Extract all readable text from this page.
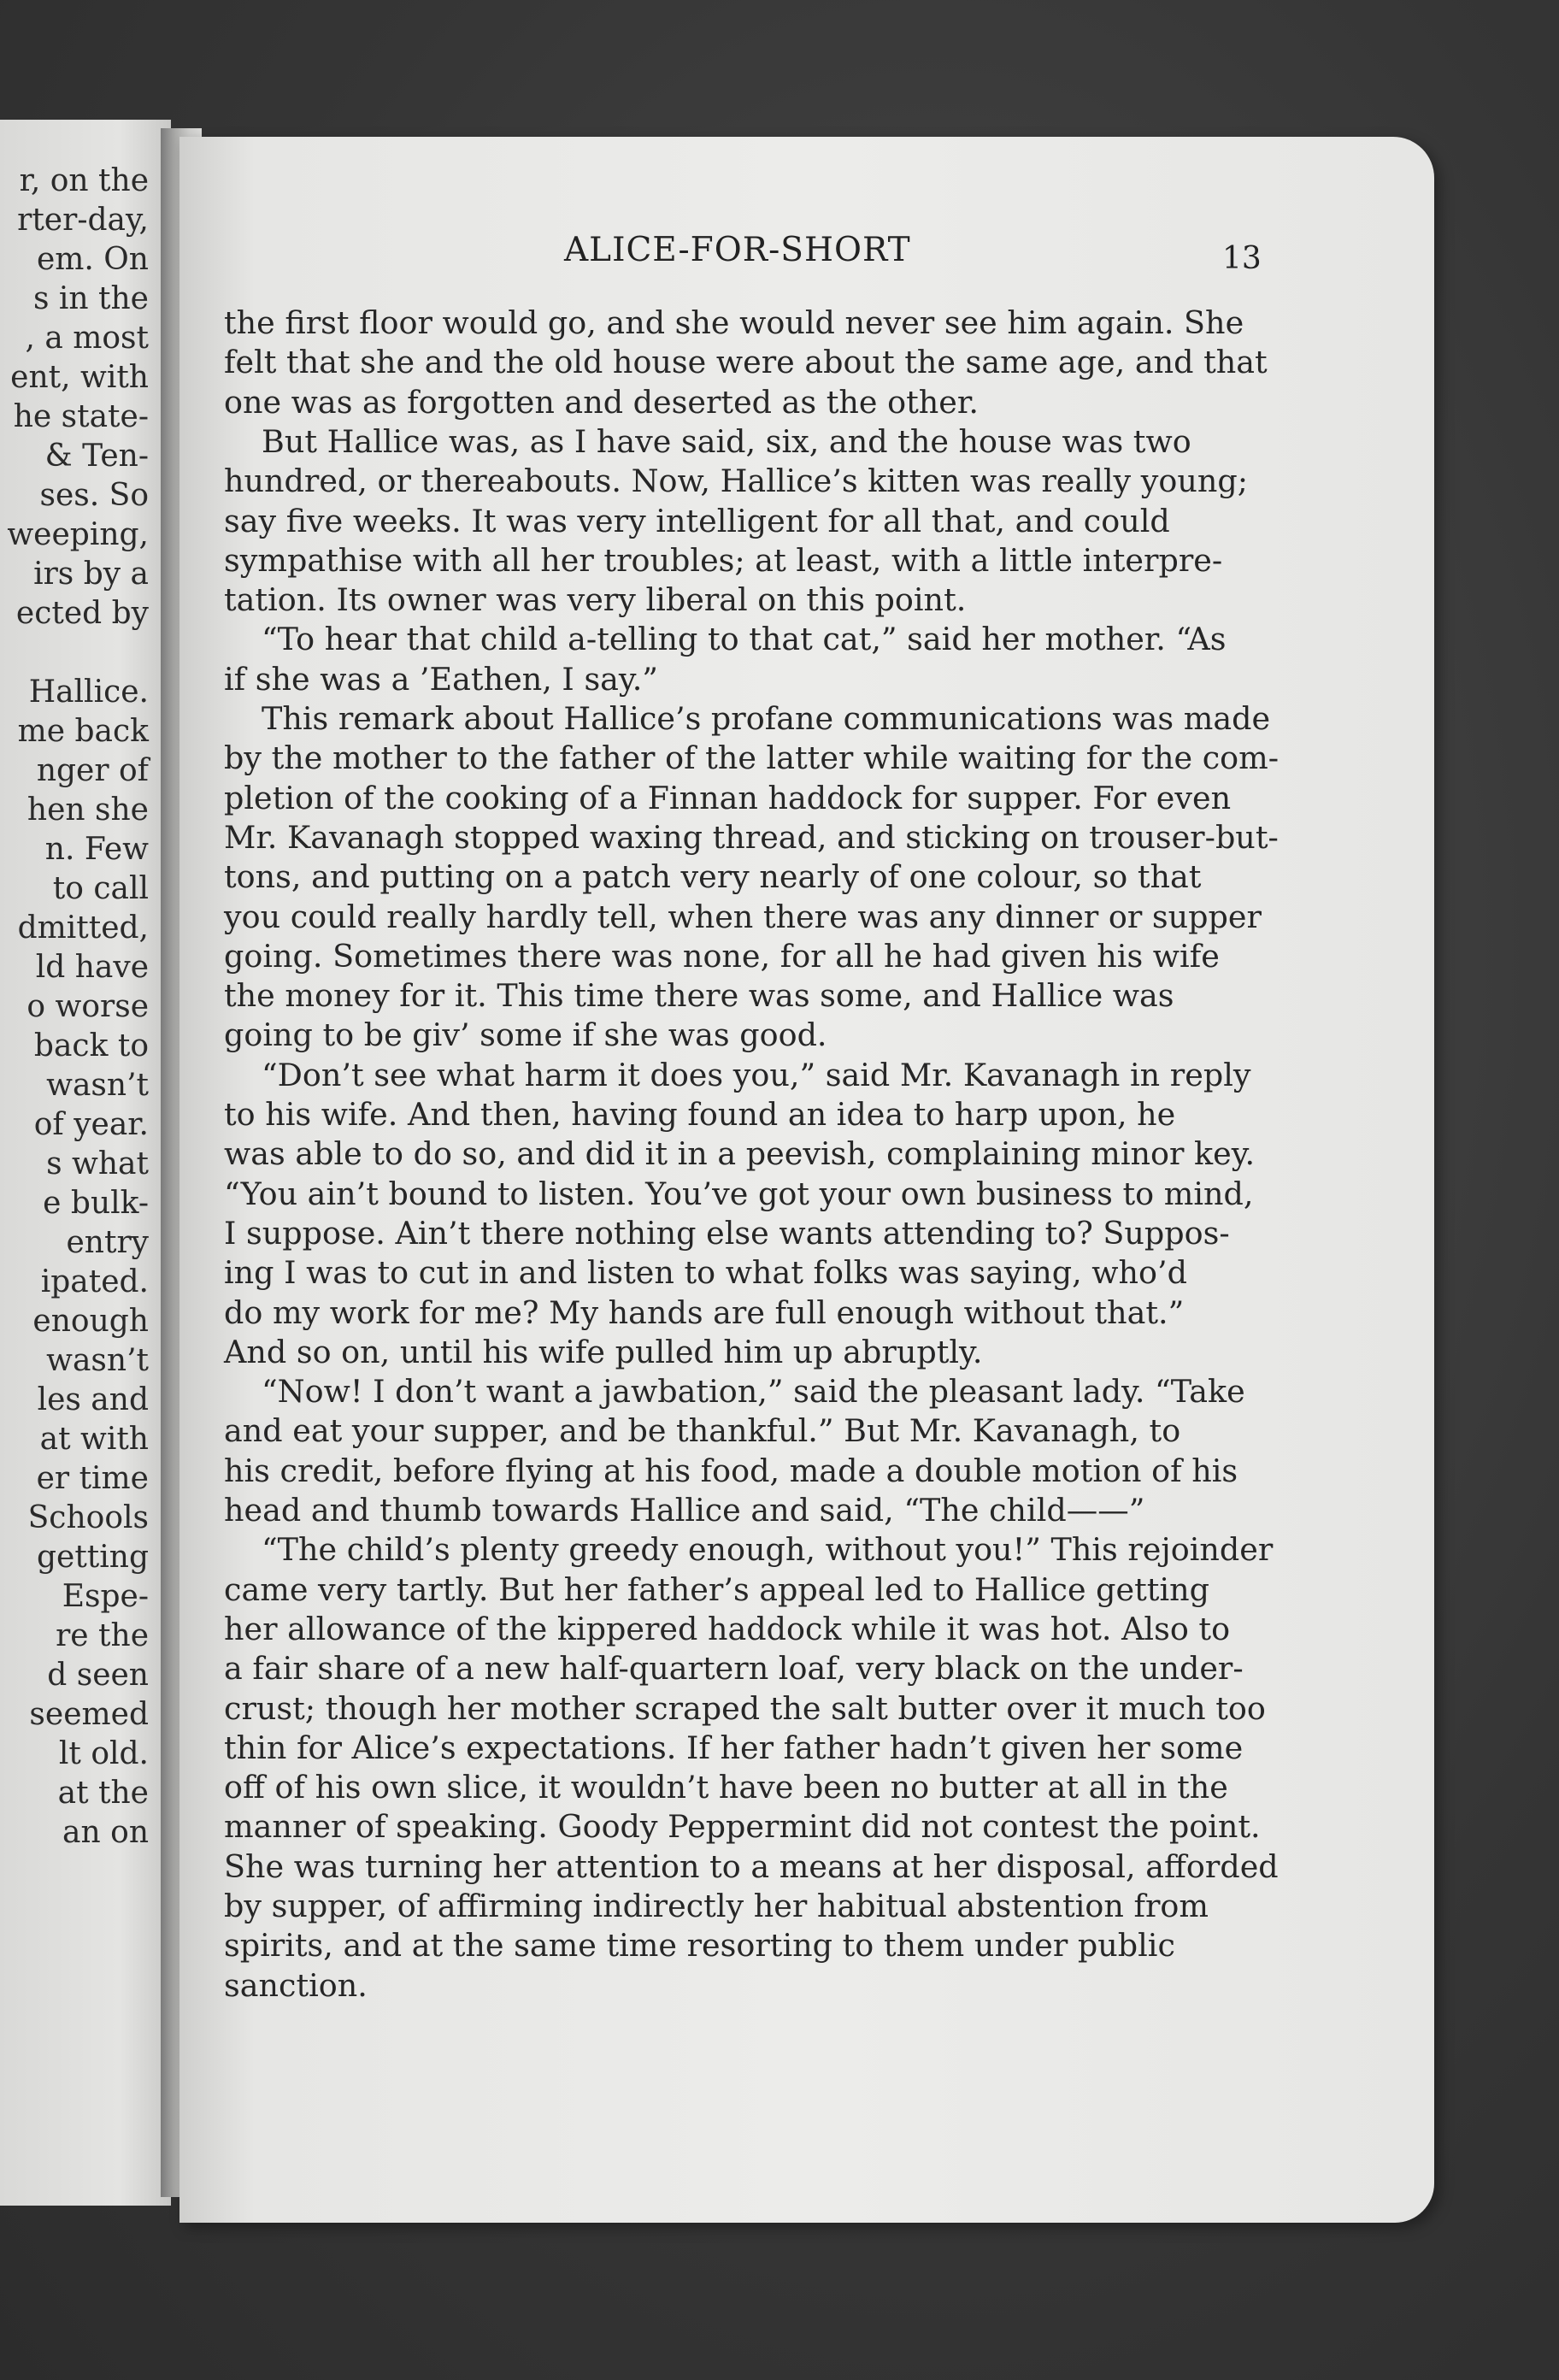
r, on the
rter-day,
em. On
s in the
, a most
ent, with
he state-
& Ten-
ses. So
weeping,
irs by a
ected by
Hallice.
me back
nger of
hen she
n. Few
to call
dmitted,
ld have
o worse
back to
wasn’t
of year.
s what
e bulk-
entry
ipated.
enough
wasn’t
les and
at with
er time
Schools
getting
Espe-
re the
d seen
seemed
lt old.
at the
an on
ALICE-FOR-SHORT	13
the first floor would go, and she would never see him again. She
felt that she and the old house were about the same age, and that
one was as forgotten and deserted as the other.
But Hallice was, as I have said, six, and the house was two
hundred, or thereabouts. Now, Hallice’s kitten was really young;
say five weeks. It was very intelligent for all that, and could
sympathise with all her troubles; at least, with a little interpre-
tation. Its owner was very liberal on this point.
“To hear that child a-telling to that cat,” said her mother. “As
if she was a ’Eathen, I say.”
This remark about Hallice’s profane communications was made
by the mother to the father of the latter while waiting for the com-
pletion of the cooking of a Finnan haddock for supper. For even
Mr. Kavanagh stopped waxing thread, and sticking on trouser-but-
tons, and putting on a patch very nearly of one colour, so that
you could really hardly tell, when there was any dinner or supper
going. Sometimes there was none, for all he had given his wife
the money for it. This time there was some, and Hallice was
going to be giv’ some if she was good.
“Don’t see what harm it does you,” said Mr. Kavanagh in reply
to his wife. And then, having found an idea to harp upon, he
was able to do so, and did it in a peevish, complaining minor key.
“You ain’t bound to listen. You’ve got your own business to mind,
I suppose. Ain’t there nothing else wants attending to? Suppos-
ing I was to cut in and listen to what folks was saying, who’d
do my work for me? My hands are full enough without that.”
And so on, until his wife pulled him up abruptly.
“Now! I don’t want a jawbation,” said the pleasant lady. “Take
and eat your supper, and be thankful.” But Mr. Kavanagh, to
his credit, before flying at his food, made a double motion of his
head and thumb towards Hallice and said, “The child——”
“The child’s plenty greedy enough, without you!” This rejoinder
came very tartly. But her father’s appeal led to Hallice getting
her allowance of the kippered haddock while it was hot. Also to
a fair share of a new half-quartern loaf, very black on the under-
crust; though her mother scraped the salt butter over it much too
thin for Alice’s expectations. If her father hadn’t given her some
off of his own slice, it wouldn’t have been no butter at all in the
manner of speaking. Goody Peppermint did not contest the point.
She was turning her attention to a means at her disposal, afforded
by supper, of affirming indirectly her habitual abstention from
spirits, and at the same time resorting to them under public
sanction.
